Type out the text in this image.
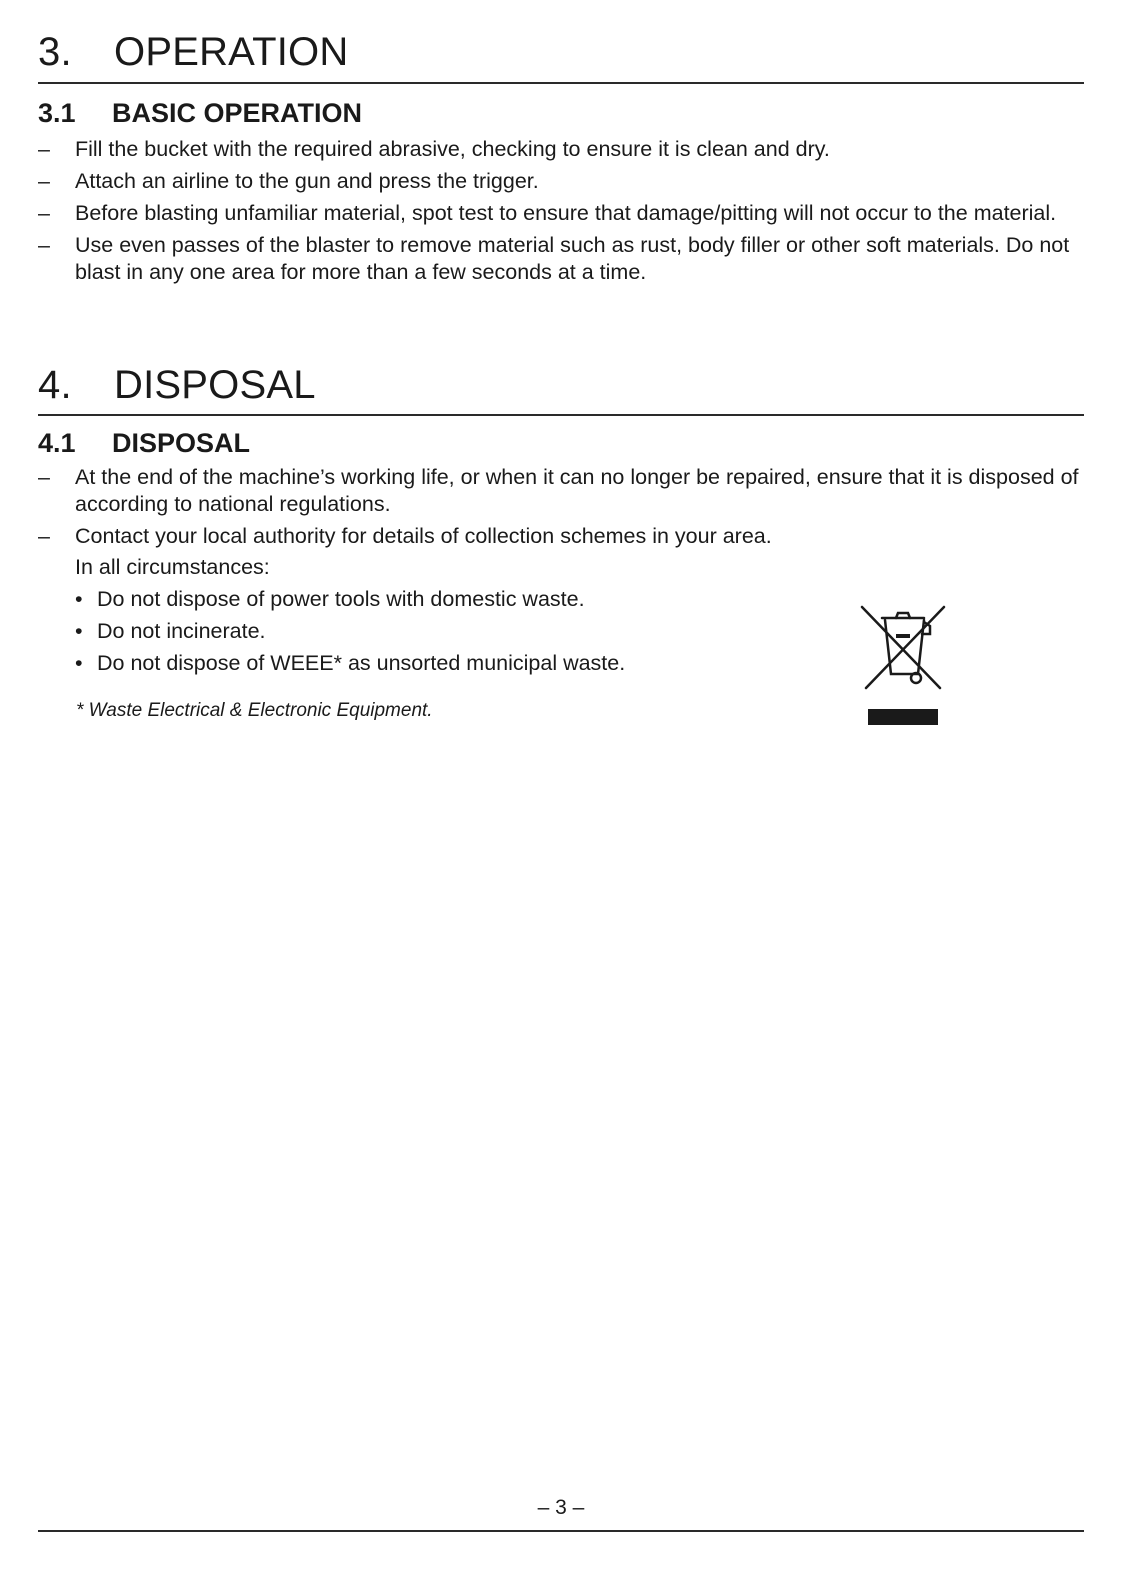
3. OPERATION
3.1 BASIC OPERATION
– Fill the bucket with the required abrasive, checking to ensure it is clean and dry.
– Attach an airline to the gun and press the trigger.
– Before blasting unfamiliar material, spot test to ensure that damage/pitting will not occur to the material.
– Use even passes of the blaster to remove material such as rust, body filler or other soft materials. Do not blast in any one area for more than a few seconds at a time.
4. DISPOSAL
4.1 DISPOSAL
– At the end of the machine’s working life, or when it can no longer be repaired, ensure that it is disposed of according to national regulations.
– Contact your local authority for details of collection schemes in your area.
In all circumstances:
• Do not dispose of power tools with domestic waste.
• Do not incinerate.
• Do not dispose of WEEE* as unsorted municipal waste.
* Waste Electrical & Electronic Equipment.
– 3 –
